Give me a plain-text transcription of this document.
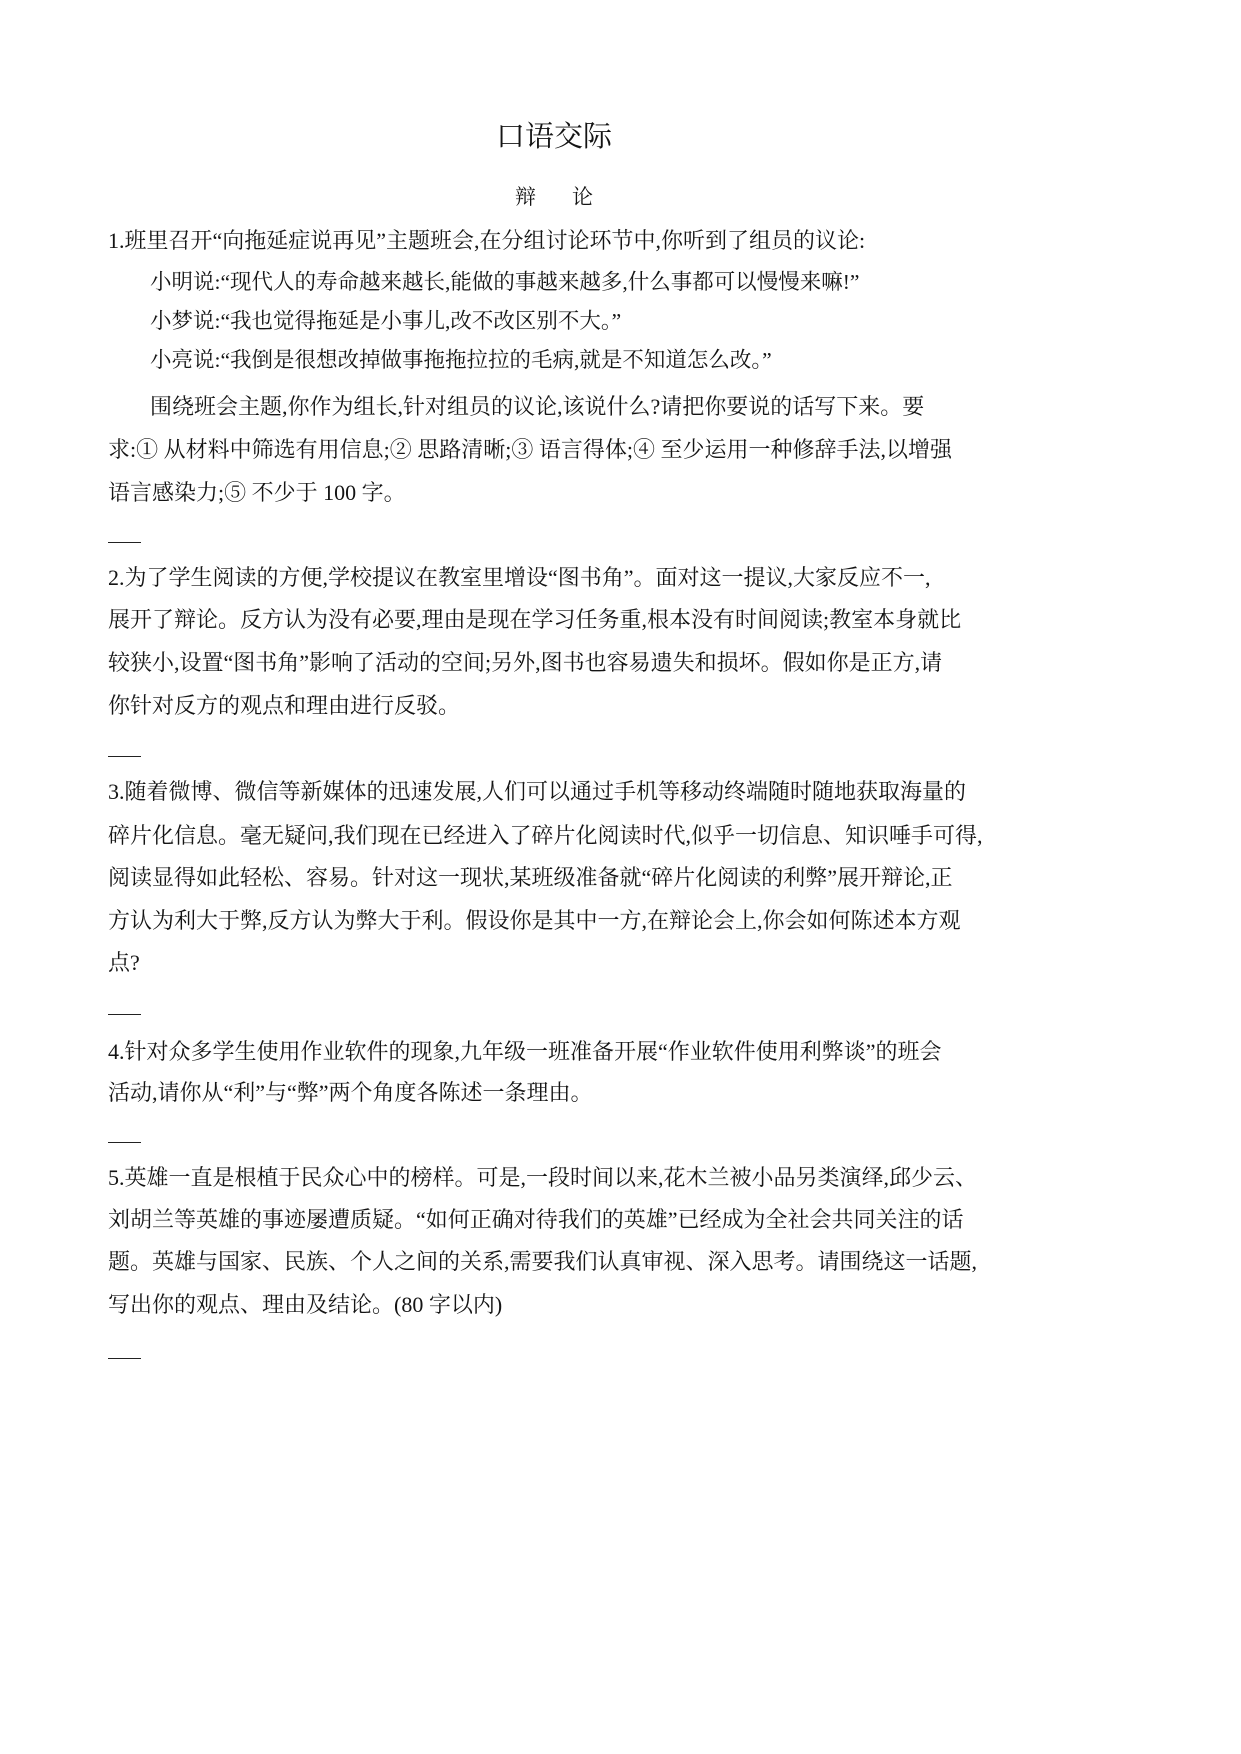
口语交际
辩论
1.班里召开“向拖延症说再见”主题班会,在分组讨论环节中,你听到了组员的议论:
小明说:“现代人的寿命越来越长,能做的事越来越多,什么事都可以慢慢来嘛!”
小梦说:“我也觉得拖延是小事儿,改不改区别不大。”
小亮说:“我倒是很想改掉做事拖拖拉拉的毛病,就是不知道怎么改。”
围绕班会主题,你作为组长,针对组员的议论,该说什么?请把你要说的话写下来。要
求:① 从材料中筛选有用信息;② 思路清晰;③ 语言得体;④ 至少运用一种修辞手法,以增强
语言感染力;⑤ 不少于 100 字。
2.为了学生阅读的方便,学校提议在教室里增设“图书角”。面对这一提议,大家反应不一,
展开了辩论。反方认为没有必要,理由是现在学习任务重,根本没有时间阅读;教室本身就比
较狭小,设置“图书角”影响了活动的空间;另外,图书也容易遗失和损坏。假如你是正方,请
你针对反方的观点和理由进行反驳。
3.随着微博、微信等新媒体的迅速发展,人们可以通过手机等移动终端随时随地获取海量的
碎片化信息。毫无疑问,我们现在已经进入了碎片化阅读时代,似乎一切信息、知识唾手可得,
阅读显得如此轻松、容易。针对这一现状,某班级准备就“碎片化阅读的利弊”展开辩论,正
方认为利大于弊,反方认为弊大于利。假设你是其中一方,在辩论会上,你会如何陈述本方观
点?
4.针对众多学生使用作业软件的现象,九年级一班准备开展“作业软件使用利弊谈”的班会
活动,请你从“利”与“弊”两个角度各陈述一条理由。
5.英雄一直是根植于民众心中的榜样。可是,一段时间以来,花木兰被小品另类演绎,邱少云、
刘胡兰等英雄的事迹屡遭质疑。“如何正确对待我们的英雄”已经成为全社会共同关注的话
题。英雄与国家、民族、个人之间的关系,需要我们认真审视、深入思考。请围绕这一话题,
写出你的观点、理由及结论。(80 字以内)
